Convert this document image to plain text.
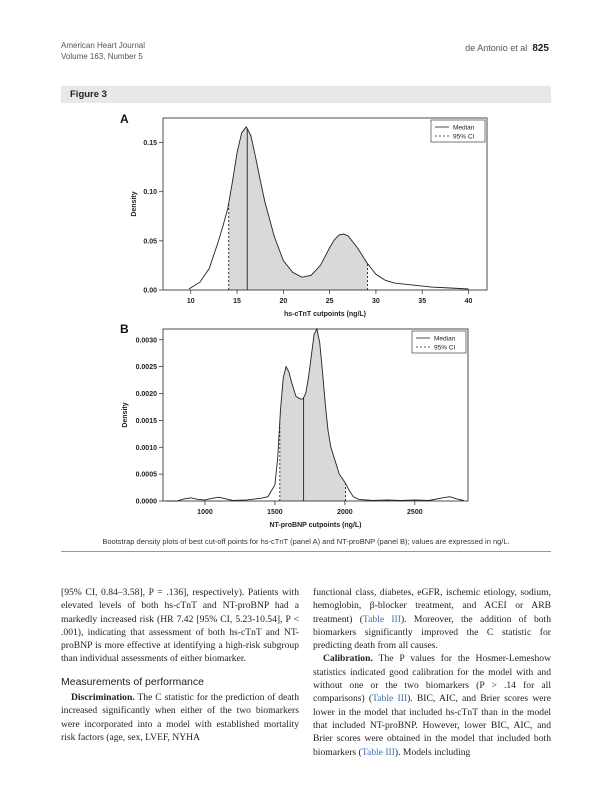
American Heart Journal
Volume 163, Number 5
de Antonio et al 825
Figure 3
A
10	15	20	25	30	35	40
0.00
0.05
0.10
0.15
hs-cTnT cutpoints (ng/L)
Density
Median
95% CI
B
1000	1500	2000	2500
0.0000
0.0005
0.0010
0.0015
0.0020
0.0025
0.0030
NT-proBNP cutpoints (ng/L)
Density
Median
95% CI
Bootstrap density plots of best cut-off points for hs-cTnT (panel A) and NT-proBNP (panel B); values are expressed in ng/L.

[95% CI, 0.84–3.58], P = .136], respectively). Patients with elevated levels of both hs-cTnT and NT-proBNP had a markedly increased risk (HR 7.42 [95% CI, 5.23-10.54], P < .001), indicating that assessment of both hs-cTnT and NT-proBNP is more effective at identifying a high-risk subgroup than individual assessments of either biomarker.

Measurements of performance

Discrimination. The C statistic for the prediction of death increased significantly when either of the two biomarkers were incorporated into a model with established mortality risk factors (age, sex, LVEF, NYHA

functional class, diabetes, eGFR, ischemic etiology, sodium, hemoglobin, β-blocker treatment, and ACEI or ARB treatment) (Table III). Moreover, the addition of both biomarkers significantly improved the C statistic for predicting death from all causes.

Calibration. The P values for the Hosmer-Lemeshow statistics indicated good calibration for the model with and without one or the two biomarkers (P > .14 for all comparisons) (Table III). BIC, AIC, and Brier scores were lower in the model that included hs-cTnT than in the model that included NT-proBNP. However, lower BIC, AIC, and Brier scores were obtained in the model that included both biomarkers (Table III). Models including
